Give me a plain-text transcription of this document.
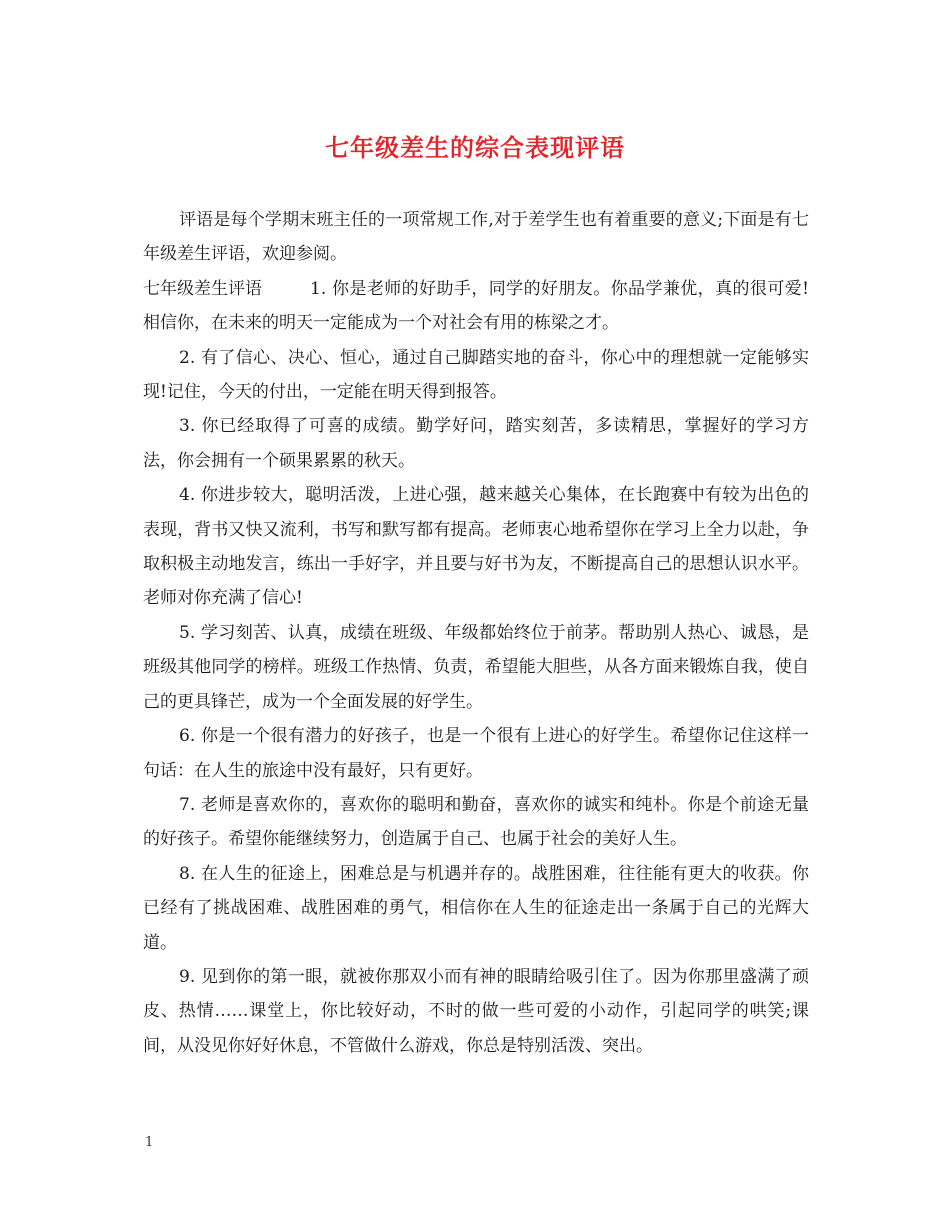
七年级差生的综合表现评语

评语是每个学期末班主任的一项常规工作,对于差学生也有着重要的意义;下面是有七年级差生评语，欢迎参阅。

七年级差生评语	1. 你是老师的好助手，同学的好朋友。你品学兼优，真的很可爱!相信你，在未来的明天一定能成为一个对社会有用的栋梁之才。

2. 有了信心、决心、恒心，通过自己脚踏实地的奋斗，你心中的理想就一定能够实现!记住，今天的付出，一定能在明天得到报答。

3. 你已经取得了可喜的成绩。勤学好问，踏实刻苦，多读精思，掌握好的学习方法，你会拥有一个硕果累累的秋天。

4. 你进步较大，聪明活泼，上进心强，越来越关心集体，在长跑赛中有较为出色的表现，背书又快又流利，书写和默写都有提高。老师衷心地希望你在学习上全力以赴，争取积极主动地发言，练出一手好字，并且要与好书为友，不断提高自己的思想认识水平。老师对你充满了信心!

5. 学习刻苦、认真，成绩在班级、年级都始终位于前茅。帮助别人热心、诚恳，是班级其他同学的榜样。班级工作热情、负责，希望能大胆些，从各方面来锻炼自我，使自己的更具锋芒，成为一个全面发展的好学生。

6. 你是一个很有潜力的好孩子，也是一个很有上进心的好学生。希望你记住这样一句话：在人生的旅途中没有最好，只有更好。

7. 老师是喜欢你的，喜欢你的聪明和勤奋，喜欢你的诚实和纯朴。你是个前途无量的好孩子。希望你能继续努力，创造属于自己、也属于社会的美好人生。

8. 在人生的征途上，困难总是与机遇并存的。战胜困难，往往能有更大的收获。你已经有了挑战困难、战胜困难的勇气，相信你在人生的征途走出一条属于自己的光辉大道。

9. 见到你的第一眼，就被你那双小而有神的眼睛给吸引住了。因为你那里盛满了顽皮、热情……课堂上，你比较好动，不时的做一些可爱的小动作，引起同学的哄笑;课间，从没见你好好休息，不管做什么游戏，你总是特别活泼、突出。

1
